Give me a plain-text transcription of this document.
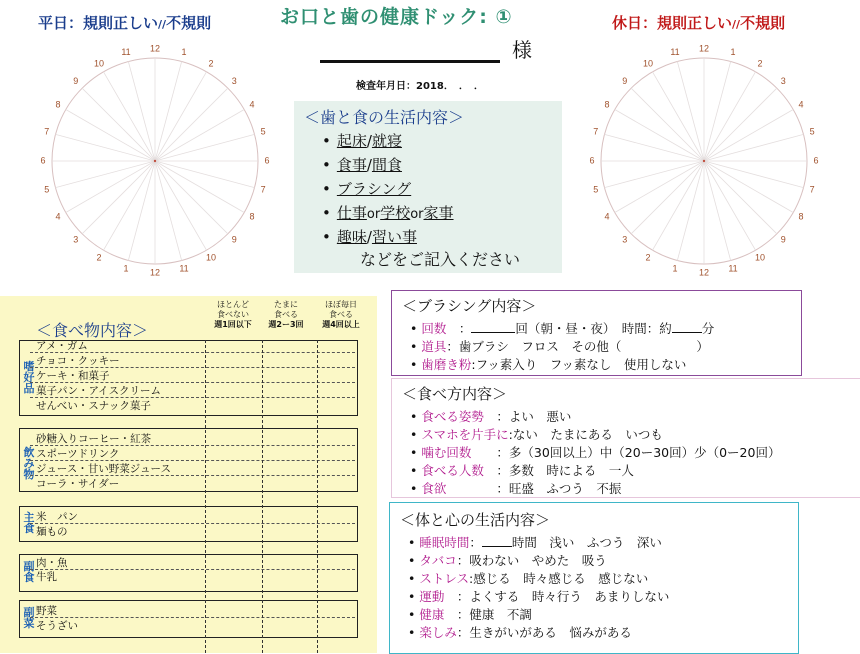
お口と歯の健康ドック: ①
平日：規則正しい//不規則	休日：規則正しい//不規則
様
検査年月日：2018．　．　．
12 1
2
3
4
5
6
7
8
9
10
11
12
1
2
3
4
5
6
7
8
9
10
11	12 1
2
3
4
5
6
7
8
9
10
11
12
1
2
3
4
5
6
7
8
9
10
11
＜歯と食の生活内容＞
• 起床/就寝
• 食事/間食
• ブラシング
• 仕事or学校or家事
• 趣味/習い事
などをご記入ください
ほとんど
食べない
週1回以下
たまに
食べる
週2ー3回
ほぼ毎日
食べる
週4回以上
＜食べ物内容＞
嗜好品
アメ・ガム
チョコ・クッキー
ケーキ・和菓子
菓子パン・アイスクリーム
せんべい・スナック菓子
飲み物
砂糖入りコーヒー・紅茶
スポーツドリンク
ジュース・甘い野菜ジュース
コーラ・サイダー
主食
米　パン
麺もの
副食
肉・魚
牛乳
副菜
野菜
そうざい
＜ブラシング内容＞
• 回数　：	回（朝・昼・夜）　 時間：約 分
• 道具：歯ブラシ　フロス　その他（　　　　　　）
• 歯磨き粉:フッ素入り　フッ素なし　使用しない
＜食べ方内容＞
• 食べる姿勢　：よい　悪い
• スマホを片手に:ない　たまにある　いつも
• 噛む回数　　：多（30回以上）中（20ー30回）少（0ー20回）
• 食べる人数　：多数　時による　一人
• 食欲　　　　：旺盛　ふつう　不振
＜体と心の生活内容＞
• 睡眠時間： 時間　浅い　ふつう　深い
• タバコ：吸わない　やめた　吸う
• ストレス:感じる　時々感じる　感じない
• 運動　：よくする　時々行う　あまりしない
• 健康　：健康　不調
• 楽しみ：生きがいがある　悩みがある
